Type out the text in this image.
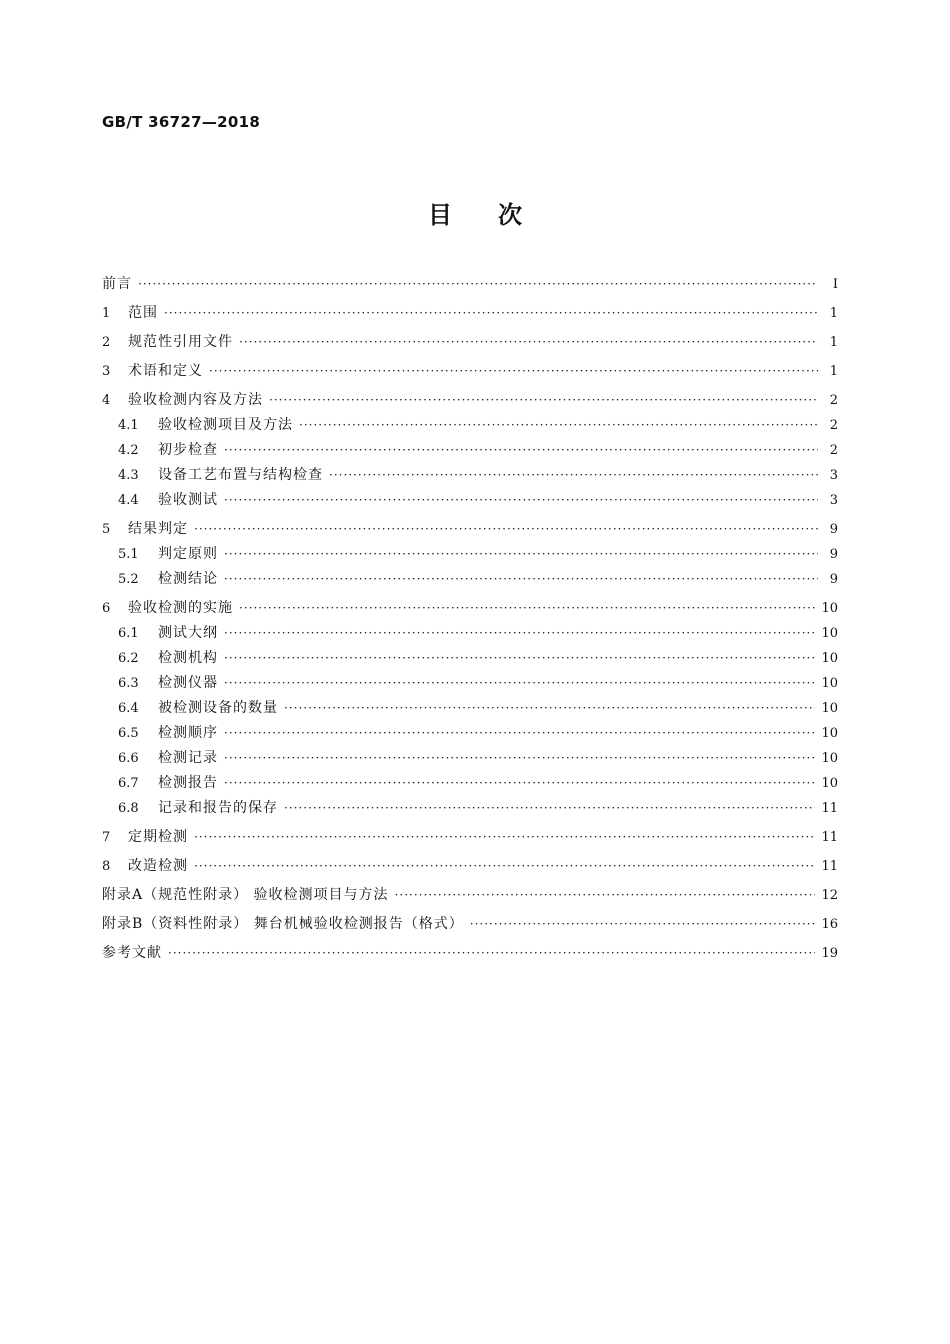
GB/T 36727—2018
目次
前言 ·····	Ⅰ
1	范围 ·····	1
2	规范性引用文件 ·····	1
3	术语和定义 ·····	1
4	验收检测内容及方法 ·····	2
4.1	验收检测项目及方法 ·····	2
4.2	初步检查 ·····	2
4.3	设备工艺布置与结构检查 ·····	3
4.4	验收测试 ·····	3
5	结果判定 ·····	9
5.1	判定原则 ·····	9
5.2	检测结论 ·····	9
6	验收检测的实施 ·····	10
6.1	测试大纲 ·····	10
6.2	检测机构 ·····	10
6.3	检测仪器 ·····	10
6.4	被检测设备的数量 ·····	10
6.5	检测顺序 ·····	10
6.6	检测记录 ·····	10
6.7	检测报告 ·····	10
6.8	记录和报告的保存 ·····	11
7	定期检测 ·····	11
8	改造检测 ·····	11
附录A（规范性附录） 验收检测项目与方法 ·····	12
附录B（资料性附录） 舞台机械验收检测报告（格式） ·····	16
参考文献 ·····	19
